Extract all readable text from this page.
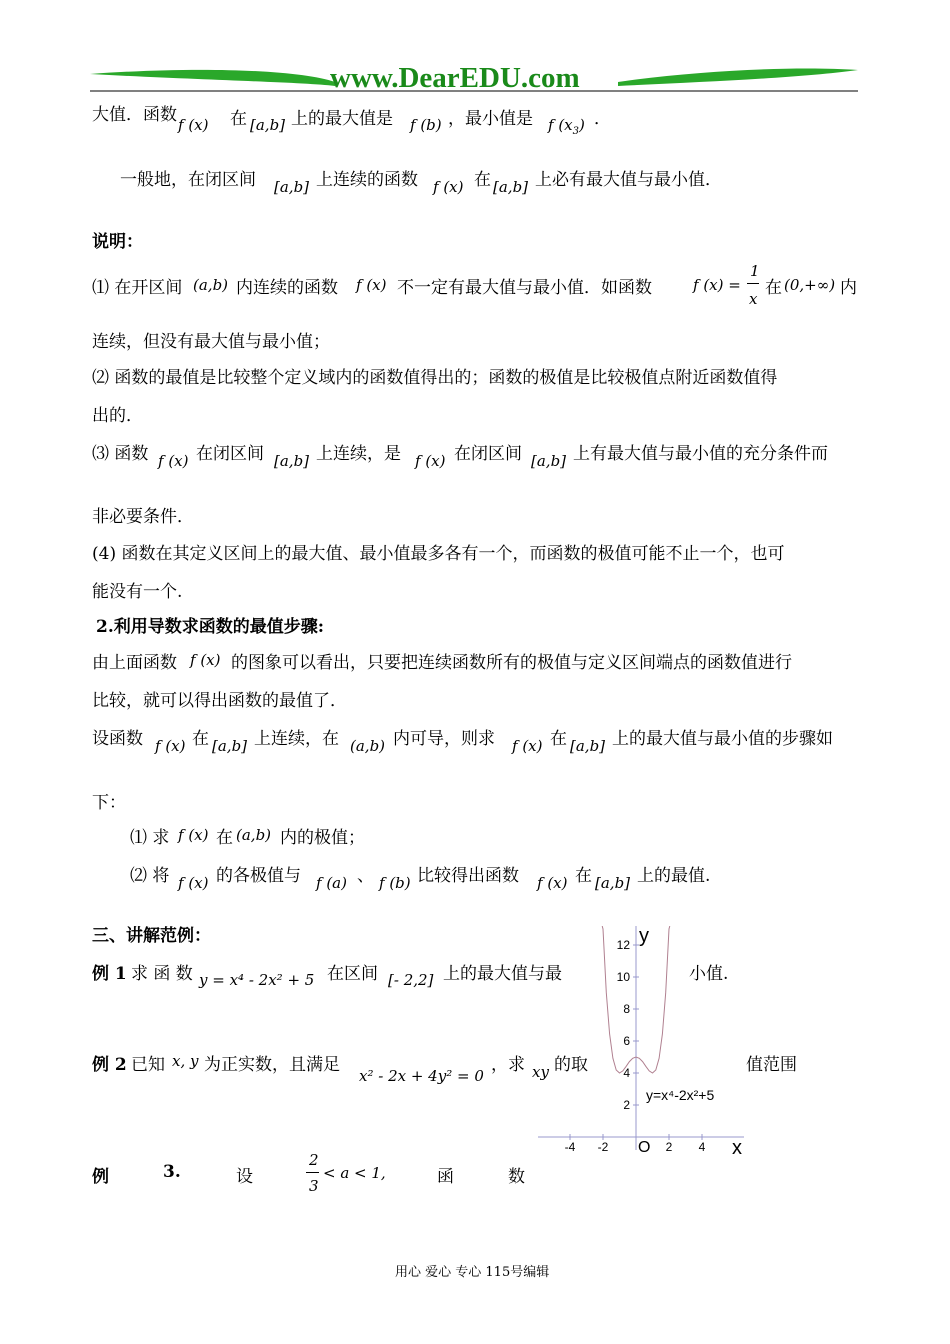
www.DearEDU.com
大值．函数 f (x) 在 [a,b] 上的最大值是 f (b) ，最小值是 f $(x_3)$ ．
一般地，在闭区间 [a,b] 上连续的函数 f (x) 在 [a,b] 上必有最大值与最小值．
说明：
⑴ 在开区间 (a,b) 内连续的函数 f (x) 不一定有最大值与最小值．如函数	f (x) =
1
x
在 (0,+∞) 内
连续，但没有最大值与最小值；
⑵ 函数的最值是比较整个定义域内的函数值得出的；函数的极值是比较极值点附近函数值得
出的．
⑶ 函数 f (x) 在闭区间 [a,b] 上连续，是 f (x) 在闭区间 [a,b] 上有最大值与最小值的充分条件而
非必要条件．
(4) 函数在其定义区间上的最大值、最小值最多各有一个，而函数的极值可能不止一个，也可
能没有一个.
2.利用导数求函数的最值步骤:
由上面函数 f (x) 的图象可以看出，只要把连续函数所有的极值与定义区间端点的函数值进行
比较，就可以得出函数的最值了．
设函数 f (x) 在 [a,b] 上连续，在 (a,b) 内可导，则求 f (x) 在 [a,b] 上的最大值与最小值的步骤如
下：
⑴ 求 f (x) 在 (a,b) 内的极值；
⑵ 将 f (x) 的各极值与 f (a) 、 f (b) 比较得出函数 f (x) 在 [a,b] 上的最值.
三、讲解范例：
例 1 求 函 数 y = x⁴ - 2x² + 5 在区间 [- 2,2] 上的最大值与最	小值.
例 2 已知 x, y 为正实数，且满足
x² - 2x + 4y² = 0
，求 xy 的取	值范围
例	3.	设
2
3
< a < 1,	函	数
12
10
8
6
4
2
-4 -2	2 4
y
x
O
y=x⁴-2x²+5
用心 爱心 专心 115号编辑
